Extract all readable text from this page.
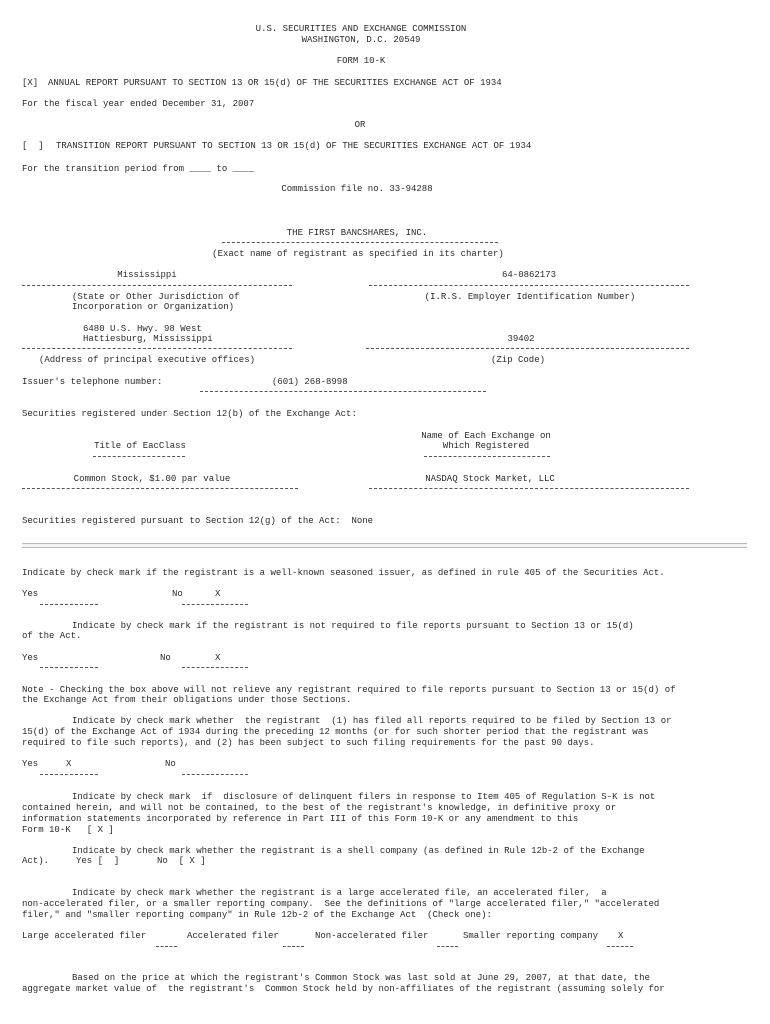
U.S. SECURITIES AND EXCHANGE COMMISSION
WASHINGTON, D.C. 20549
FORM 10-K
[X] ANNUAL REPORT PURSUANT TO SECTION 13 OR 15(d) OF THE SECURITIES EXCHANGE ACT OF 1934
For the fiscal year ended December 31, 2007
OR
[  ] TRANSITION REPORT PURSUANT TO SECTION 13 OR 15(d) OF THE SECURITIES EXCHANGE ACT OF 1934
For the transition period from ____ to ____
Commission file no. 33-94288
THE FIRST BANCSHARES, INC.
(Exact name of registrant as specified in its charter)
Mississippi	64-0862173
(State or Other Jurisdiction of
Incorporation or Organization)
(I.R.S. Employer Identification Number)
6480 U.S. Hwy. 98 West
Hattiesburg, Mississippi	39402
(Address of principal executive offices)	(Zip Code)
Issuer's telephone number:	(601) 268-8998
Securities registered under Section 12(b) of the Exchange Act:
Name of Each Exchange on
Title of EacClass	Which Registered
Common Stock, $1.00 par value	NASDAQ Stock Market, LLC
Securities registered pursuant to Section 12(g) of the Act:  None
Indicate by check mark if the registrant is a well-known seasoned issuer, as defined in rule 405 of the Securities Act.
Yes	No	X
Indicate by check mark if the registrant is not required to file reports pursuant to Section 13 or 15(d)
of the Act.
Yes	No	X
Note - Checking the box above will not relieve any registrant required to file reports pursuant to Section 13 or 15(d) of
the Exchange Act from their obligations under those Sections.
Indicate by check mark whether  the registrant  (1) has filed all reports required to be filed by Section 13 or
15(d) of the Exchange Act of 1934 during the preceding 12 months (or for such shorter period that the registrant was
required to file such reports), and (2) has been subject to such filing requirements for the past 90 days.
Yes	X	No
Indicate by check mark  if  disclosure of delinquent filers in response to Item 405 of Regulation S-K is not
contained herein, and will not be contained, to the best of the registrant's knowledge, in definitive proxy or
information statements incorporated by reference in Part III of this Form 10-K or any amendment to this
Form 10-K   [ X ]
Indicate by check mark whether the registrant is a shell company (as defined in Rule 12b-2 of the Exchange
Act).     Yes [  ]       No  [ X ]
Indicate by check mark whether the registrant is a large accelerated file, an accelerated filer,  a
non-accelerated filer, or a smaller reporting company.  See the definitions of "large accelerated filer," "accelerated
filer," and "smaller reporting company" in Rule 12b-2 of the Exchange Act  (Check one):
Large accelerated filer	Accelerated filer	Non-accelerated filer	Smaller reporting company X
Based on the price at which the registrant's Common Stock was last sold at June 29, 2007, at that date, the
aggregate market value of  the registrant's  Common Stock held by non-affiliates of the registrant (assuming solely for
